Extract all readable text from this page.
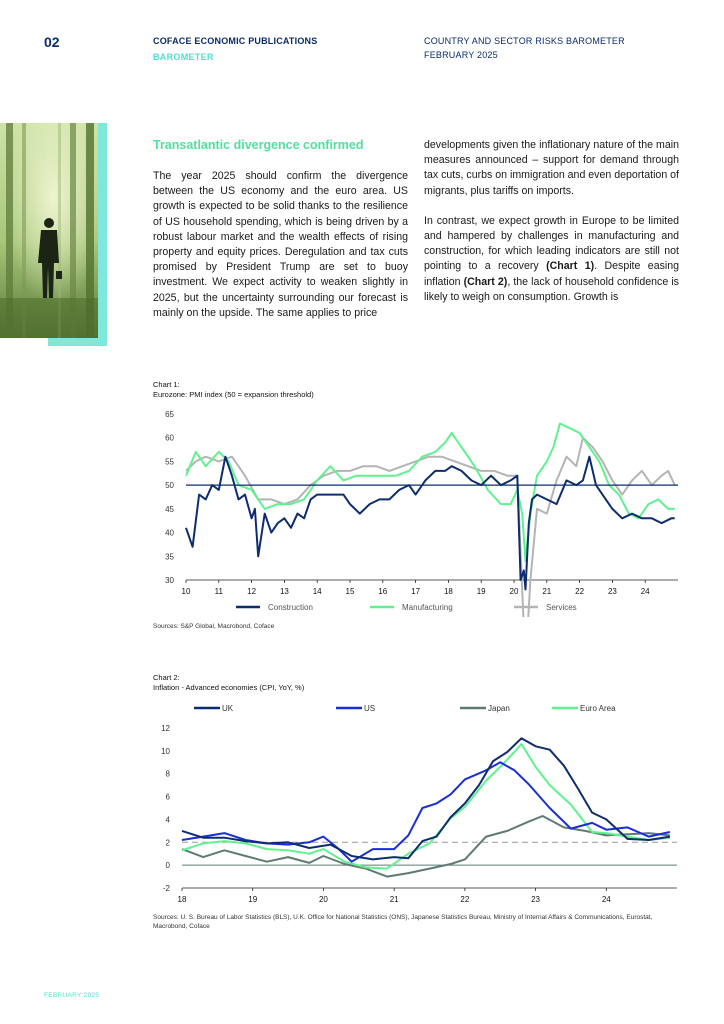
02	COFACE ECONOMIC PUBLICATIONS
BAROMETER
COUNTRY AND SECTOR RISKS BAROMETER
FEBRUARY 2025
Transatlantic divergence confirmed

The year 2025 should confirm the divergence between the US economy and the euro area. US growth is expected to be solid thanks to the resilience of US household spending, which is being driven by a robust labour market and the wealth effects of rising property and equity prices. Deregulation and tax cuts promised by President Trump are set to buoy investment. We expect activity to weaken slightly in 2025, but the uncertainty surrounding our forecast is mainly on the upside. The same applies to price

developments given the inflationary nature of the main measures announced – support for demand through tax cuts, curbs on immigration and even deportation of migrants, plus tariffs on imports.

In contrast, we expect growth in Europe to be limited and hampered by challenges in manufacturing and construction, for which leading indicators are still not pointing to a recovery (Chart 1). Despite easing inflation (Chart 2), the lack of household confidence is likely to weigh on consumption. Growth is

Chart 1:
Eurozone: PMI index (50 = expansion threshold)
30
35
40
45
50
55
60
65
10	11	12	13	14	15	16	17	18	19	20	21	22	23	24
Construction	Manufacturing	Services
Sources: S&P Global, Macrobond, Coface
Chart 2:
Inflation - Advanced economies (CPI, YoY, %)
-2
0
2
4
6
8
10
12
18	19	20	21	22	23	24
UK	US	Japan	Euro Area
Sources: U. S. Bureau of Labor Statistics (BLS), U.K. Office for National Statistics (ONS), Japanese Statistics Bureau, Ministry of Internal Affairs & Communications, Eurostat, Macrobond, Coface
FEBRUARY 2025
